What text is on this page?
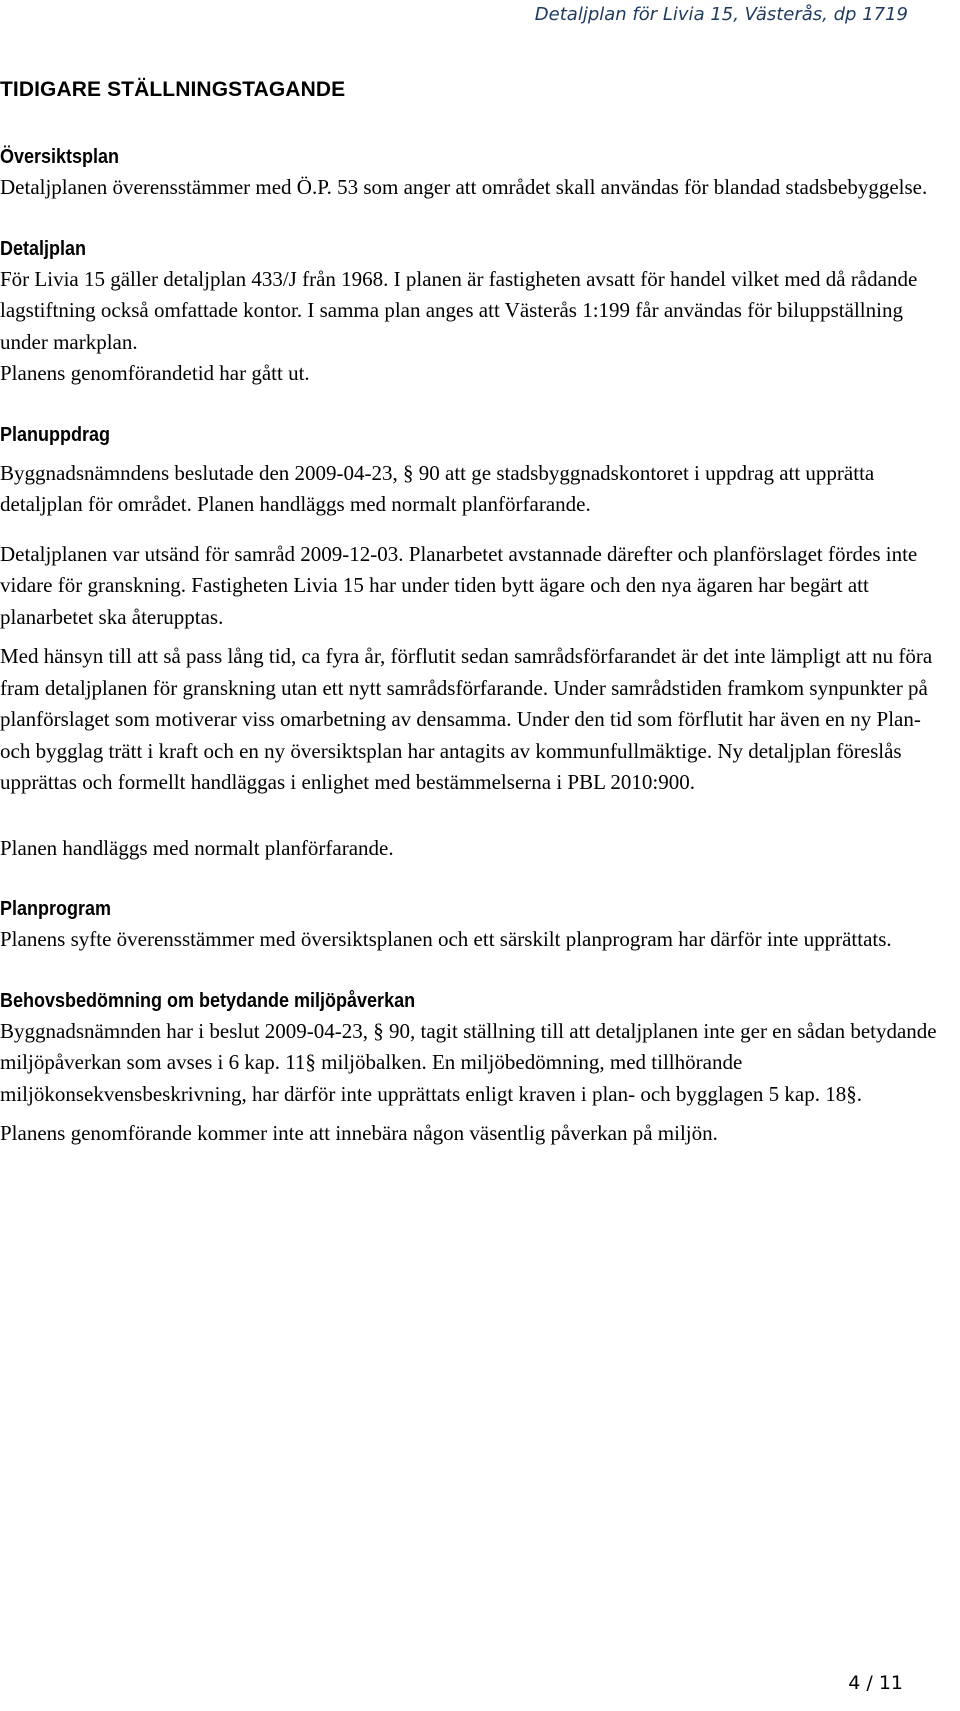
Detaljplan för Livia 15, Västerås, dp 1719
TIDIGARE STÄLLNINGSTAGANDE
Översiktsplan

Detaljplanen överensstämmer med Ö.P. 53 som anger att området skall användas för blandad stadsbebyggelse.

Detaljplan

För Livia 15 gäller detaljplan 433/J från 1968. I planen är fastigheten avsatt för handel vilket med då rådande lagstiftning också omfattade kontor. I samma plan anges att Västerås 1:199 får användas för biluppställning under markplan.

Planens genomförandetid har gått ut.

Planuppdrag

Byggnadsnämndens beslutade den 2009-04-23, § 90 att ge stadsbyggnadskontoret i uppdrag att upprätta detaljplan för området. Planen handläggs med normalt planförfarande.

Detaljplanen var utsänd för samråd 2009-12-03. Planarbetet avstannade därefter och planförslaget fördes inte vidare för granskning. Fastigheten Livia 15 har under tiden bytt ägare och den nya ägaren har begärt att planarbetet ska återupptas.

Med hänsyn till att så pass lång tid, ca fyra år, förflutit sedan samrådsförfarandet är det inte lämpligt att nu föra fram detaljplanen för granskning utan ett nytt samrådsförfarande. Under samrådstiden framkom synpunkter på planförslaget som motiverar viss omarbetning av densamma. Under den tid som förflutit har även en ny Plan- och bygglag trätt i kraft och en ny översiktsplan har antagits av kommunfullmäktige. Ny detaljplan föreslås upprättas och formellt handläggas i enlighet med bestämmelserna i PBL 2010:900.

Planen handläggs med normalt planförfarande.

Planprogram

Planens syfte överensstämmer med översiktsplanen och ett särskilt planprogram har därför inte upprättats.

Behovsbedömning om betydande miljöpåverkan

Byggnadsnämnden har i beslut 2009-04-23, § 90, tagit ställning till att detaljplanen inte ger en sådan betydande miljöpåverkan som avses i 6 kap. 11§ miljöbalken. En miljöbedömning, med tillhörande miljökonsekvensbeskrivning, har därför inte upprättats enligt kraven i plan- och bygglagen 5 kap. 18§.

Planens genomförande kommer inte att innebära någon väsentlig påverkan på miljön.

4 / 11
